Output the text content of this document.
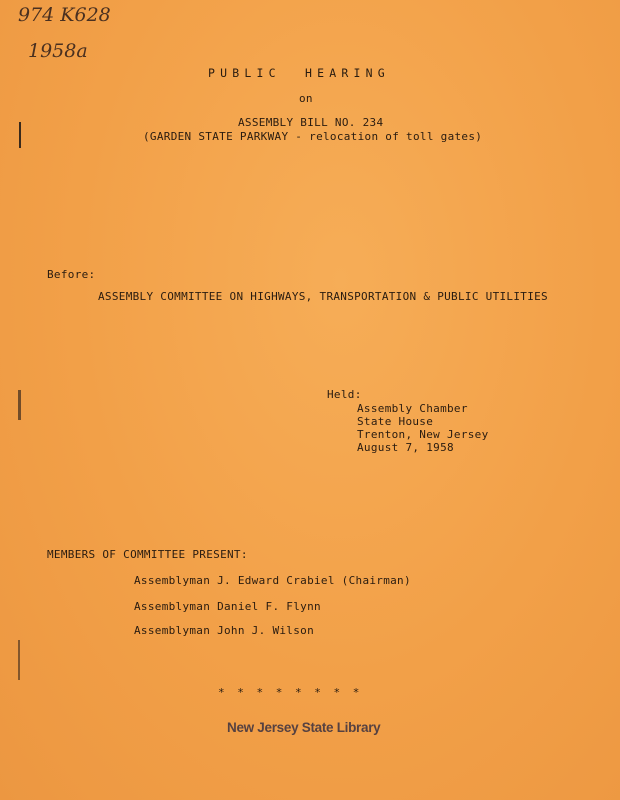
974 K628
1958a
PUBLIC  HEARING
on
ASSEMBLY BILL NO. 234
(GARDEN STATE PARKWAY - relocation of toll gates)
Before:
ASSEMBLY COMMITTEE ON HIGHWAYS, TRANSPORTATION & PUBLIC UTILITIES
Held:
Assembly Chamber
State House
Trenton, New Jersey
August 7, 1958
MEMBERS OF COMMITTEE PRESENT:
Assemblyman J. Edward Crabiel (Chairman)
Assemblyman Daniel F. Flynn
Assemblyman John J. Wilson
* * * * * * * *
New Jersey State Library
